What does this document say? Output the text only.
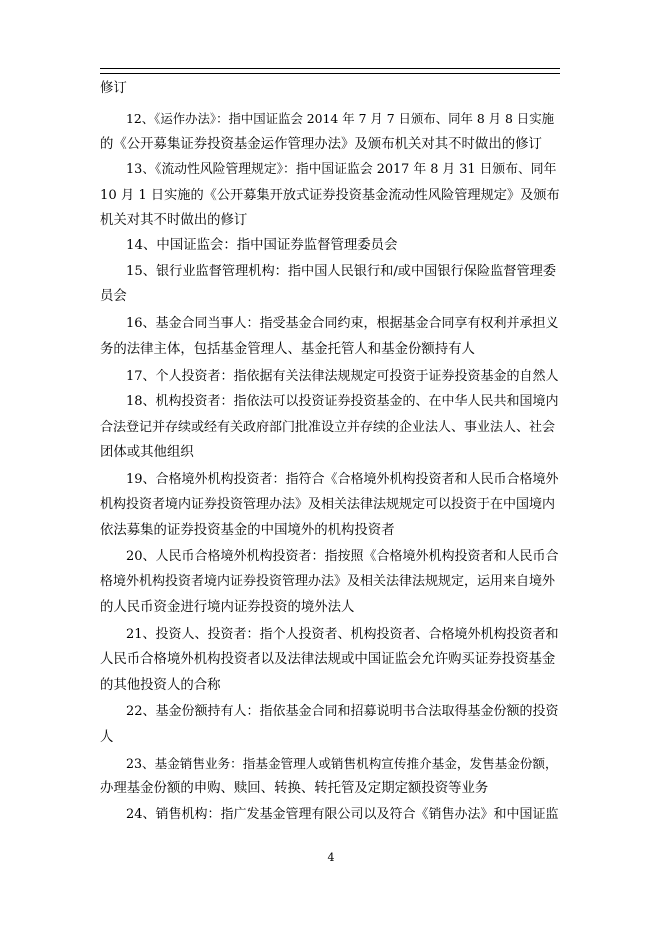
修订
12、《运作办法》：指中国证监会 2014 年 7 月 7 日颁布、同年 8 月 8 日实施
的《公开募集证券投资基金运作管理办法》及颁布机关对其不时做出的修订
13、《流动性风险管理规定》：指中国证监会 2017 年 8 月 31 日颁布、同年
10 月 1 日实施的《公开募集开放式证券投资基金流动性风险管理规定》及颁布
机关对其不时做出的修订
14、中国证监会：指中国证券监督管理委员会
15、银行业监督管理机构：指中国人民银行和/或中国银行保险监督管理委
员会
16、基金合同当事人：指受基金合同约束，根据基金合同享有权利并承担义
务的法律主体，包括基金管理人、基金托管人和基金份额持有人
17、个人投资者：指依据有关法律法规规定可投资于证券投资基金的自然人
18、机构投资者：指依法可以投资证券投资基金的、在中华人民共和国境内
合法登记并存续或经有关政府部门批准设立并存续的企业法人、事业法人、社会
团体或其他组织
19、合格境外机构投资者：指符合《合格境外机构投资者和人民币合格境外
机构投资者境内证券投资管理办法》及相关法律法规规定可以投资于在中国境内
依法募集的证券投资基金的中国境外的机构投资者
20、人民币合格境外机构投资者：指按照《合格境外机构投资者和人民币合
格境外机构投资者境内证券投资管理办法》及相关法律法规规定，运用来自境外
的人民币资金进行境内证券投资的境外法人
21、投资人、投资者：指个人投资者、机构投资者、合格境外机构投资者和
人民币合格境外机构投资者以及法律法规或中国证监会允许购买证券投资基金
的其他投资人的合称
22、基金份额持有人：指依基金合同和招募说明书合法取得基金份额的投资
人
23、基金销售业务：指基金管理人或销售机构宣传推介基金，发售基金份额，
办理基金份额的申购、赎回、转换、转托管及定期定额投资等业务
24、销售机构：指广发基金管理有限公司以及符合《销售办法》和中国证监
4
